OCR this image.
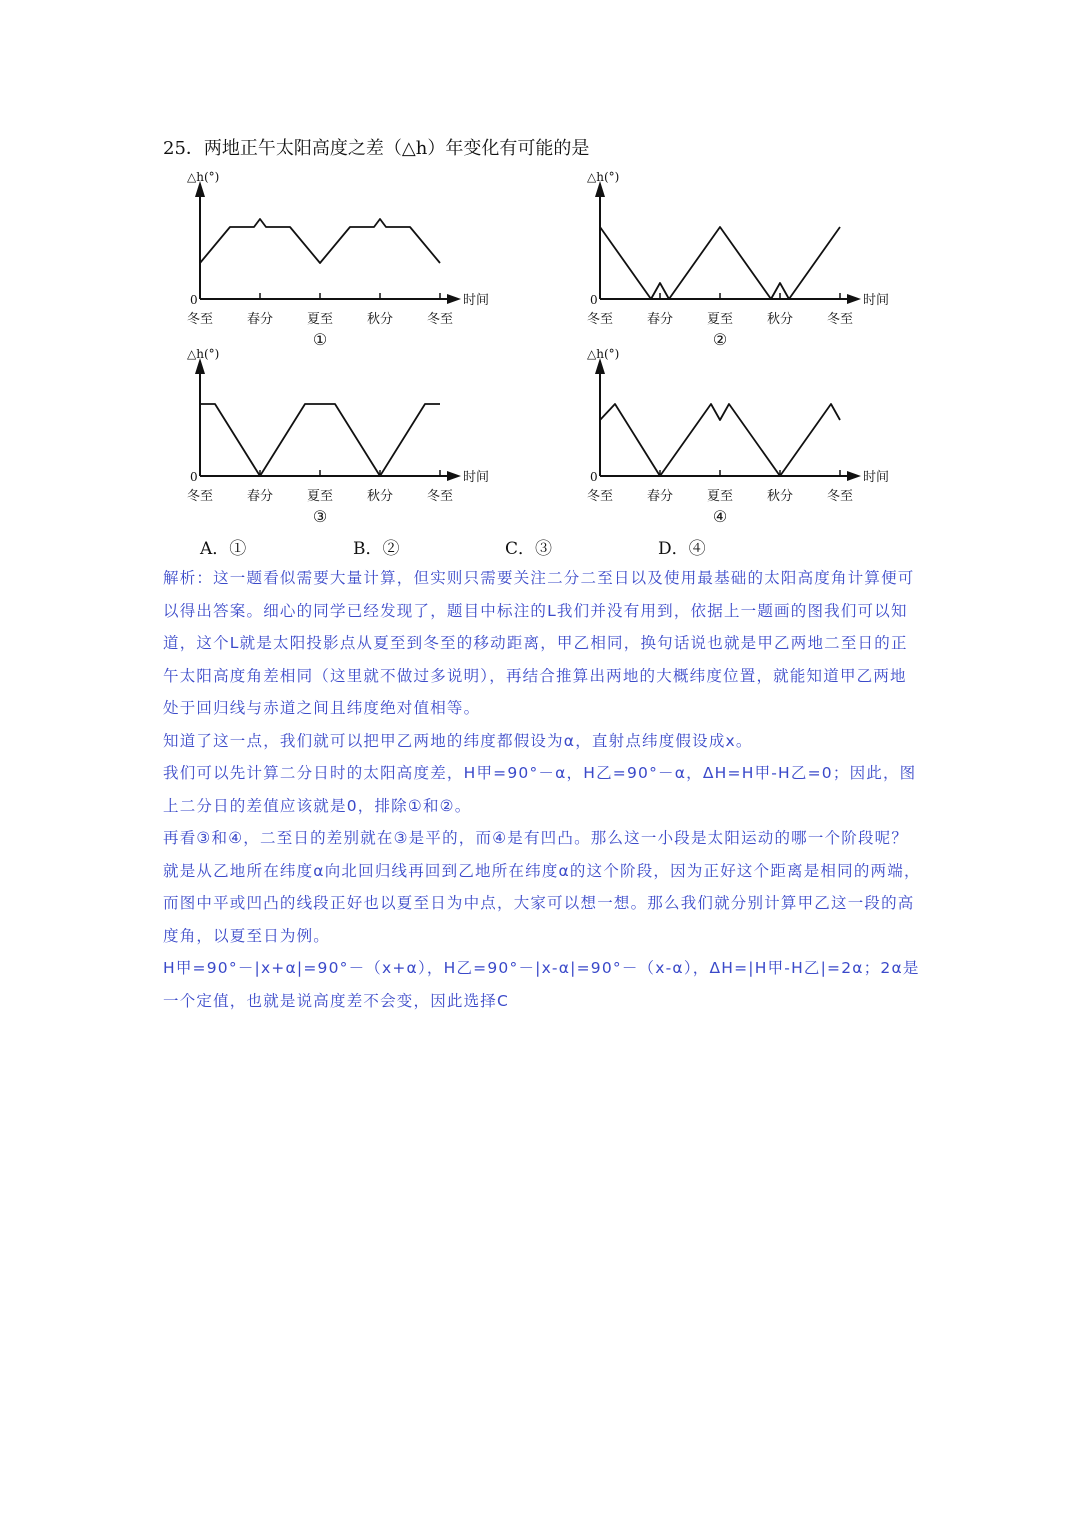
25．两地正午太阳高度之差（△h）年变化有可能的是
△h(°)
0	时间
冬至	春分	夏至	秋分	冬至
①
△h(°)
0	时间
冬至	春分	夏至	秋分	冬至
②
△h(°)
0	时间
冬至	春分	夏至	秋分	冬至
③
△h(°)
0	时间
冬至	春分	夏至	秋分	冬至
④
A．①	B．②	C．③	D．④

解析：这一题看似需要大量计算，但实则只需要关注二分二至日以及使用最基础的太阳高度角计算便可以得出答案。细心的同学已经发现了，题目中标注的L我们并没有用到，依据上一题画的图我们可以知道，这个L就是太阳投影点从夏至到冬至的移动距离，甲乙相同，换句话说也就是甲乙两地二至日的正午太阳高度角差相同（这里就不做过多说明），再结合推算出两地的大概纬度位置，就能知道甲乙两地处于回归线与赤道之间且纬度绝对值相等。

知道了这一点，我们就可以把甲乙两地的纬度都假设为α，直射点纬度假设成x。

我们可以先计算二分日时的太阳高度差，H甲=90°－α，H乙=90°－α，ΔH=H甲-H乙=0；因此，图上二分日的差值应该就是0，排除①和②。

再看③和④，二至日的差别就在③是平的，而④是有凹凸。那么这一小段是太阳运动的哪一个阶段呢？就是从乙地所在纬度α向北回归线再回到乙地所在纬度α的这个阶段，因为正好这个距离是相同的两端，而图中平或凹凸的线段正好也以夏至日为中点，大家可以想一想。那么我们就分别计算甲乙这一段的高度角，以夏至日为例。

H甲=90°－|x+α|=90°－（x+α），H乙=90°－|x-α|=90°－（x-α），ΔH=|H甲-H乙|=2α；2α是一个定值，也就是说高度差不会变，因此选择C
